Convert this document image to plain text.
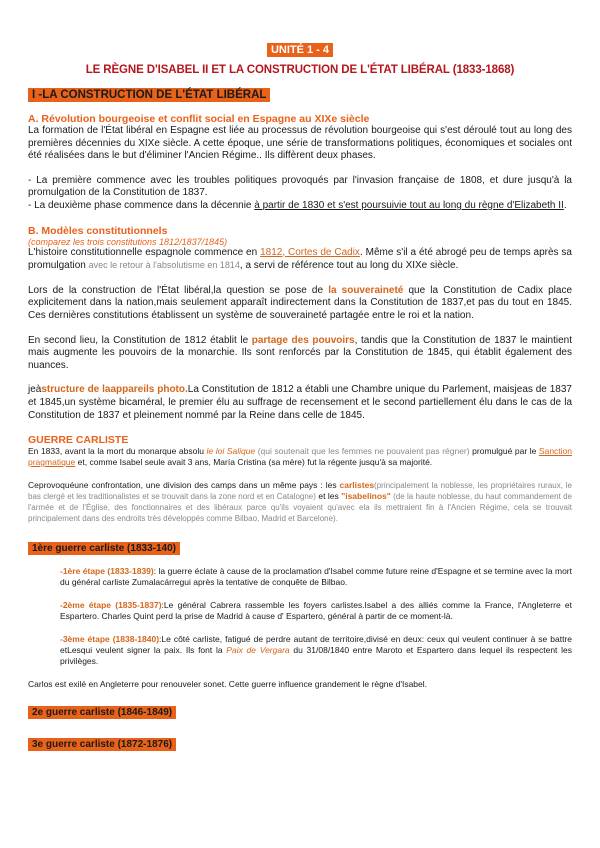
UNITÉ 1 - 4
LE RÈGNE D'ISABEL II ET LA CONSTRUCTION DE L'ÉTAT LIBÉRAL (1833-1868)
I -LA CONSTRUCTION DE L'ÉTAT LIBÉRAL
A. Révolution bourgeoise et conflit social en Espagne au XIXe siècle

La formation de l'État libéral en Espagne est liée au processus de révolution bourgeoise qui s'est déroulé tout au long des premières décennies du XIXe siècle. A cette époque, une série de transformations politiques, économiques et sociales ont été réalisées dans le but d'éliminer l'Ancien Régime.. Ils diffèrent deux phases.

- La première commence avec les troubles politiques provoqués par l'invasion française de 1808, et dure jusqu'à la promulgation de la Constitution de 1837.

- La deuxième phase commence dans la décennie à partir de 1830 et s'est poursuivie tout au long du règne d'Elizabeth II.

B. Modèles constitutionnels
(comparez les trois constitutions 1812/1837/1845)

L'histoire constitutionnelle espagnole commence en 1812, Cortes de Cadix. Même s'il a été abrogé peu de temps après sa promulgation avec le retour à l'absolutisme en 1814, a servi de référence tout au long du XIXe siècle.

Lors de la construction de l'État libéral,la question se pose de la souveraineté que la Constitution de Cadix place explicitement dans la nation,mais seulement apparaît indirectement dans la Constitution de 1837,et pas du tout en 1845. Ces dernières constitutions établissent un système de souveraineté partagée entre le roi et la nation.

En second lieu, la Constitution de 1812 établit le partage des pouvoirs, tandis que la Constitution de 1837 le maintient mais augmente les pouvoirs de la monarchie. Ils sont renforcés par la Constitution de 1845, qui établit également des nuances.

jeàstructure de laappareils photo.La Constitution de 1812 a établi une Chambre unique du Parlement, maisjeas de 1837 et 1845,un système bicaméral, le premier élu au suffrage de recensement et le second partiellement élu dans le cas de la Constitution de 1837 et pleinement nommé par la Reine dans celle de 1845.

GUERRE CARLISTE

En 1833, avant la la mort du monarque absolu le loi Salique (qui soutenait que les femmes ne pouvaient pas régner) promulgué par le Sanction pragmatique et, comme Isabel seule avait 3 ans, María Cristina (sa mère) fut la régente jusqu'à sa majorité.

Ceprovoquéune confrontation, une division des camps dans un même pays : les carlistes(principalement la noblesse, les propriétaires ruraux, le bas clergé et les traditionalistes et se trouvait dans la zone nord et en Catalogne) et les "isabelinos" (de la haute noblesse, du haut commandement de l'armée et de l'Église, des fonctionnaires et des libéraux parce qu'ils voyaient qu'avec ela ils mettraient fin à l'Ancien Régime, cela se trouvait principalement dans des endroits très développés comme Bilbao, Madrid et Barcelone).

1ère guerre carliste (1833-140)

-1ère étape (1833-1839): la guerre éclate à cause de la proclamation d'Isabel comme future reine d'Espagne et se termine avec la mort du général carliste Zumalacárregui après la tentative de conquête de Bilbao.

-2ème étape (1835-1837):Le général Cabrera rassemble les foyers carlistes.Isabel a des alliés comme la France, l'Angleterre et Espartero. Charles Quint perd la prise de Madrid à cause d' Espartero, général à partir de ce moment-là.

-3ème étape (1838-1840):Le côté carliste, fatigué de perdre autant de territoire,divisé en deux: ceux qui veulent continuer à se battre etLesqui veulent signer la paix. Ils font la Paix de Vergara du 31/08/1840 entre Maroto et Espartero dans lequel ils respectent les privilèges.

Carlos est exilé en Angleterre pour renouveler sonet. Cette guerre influence grandement le règne d'Isabel.

2e guerre carliste (1846-1849)
3e guerre carliste (1872-1876)
